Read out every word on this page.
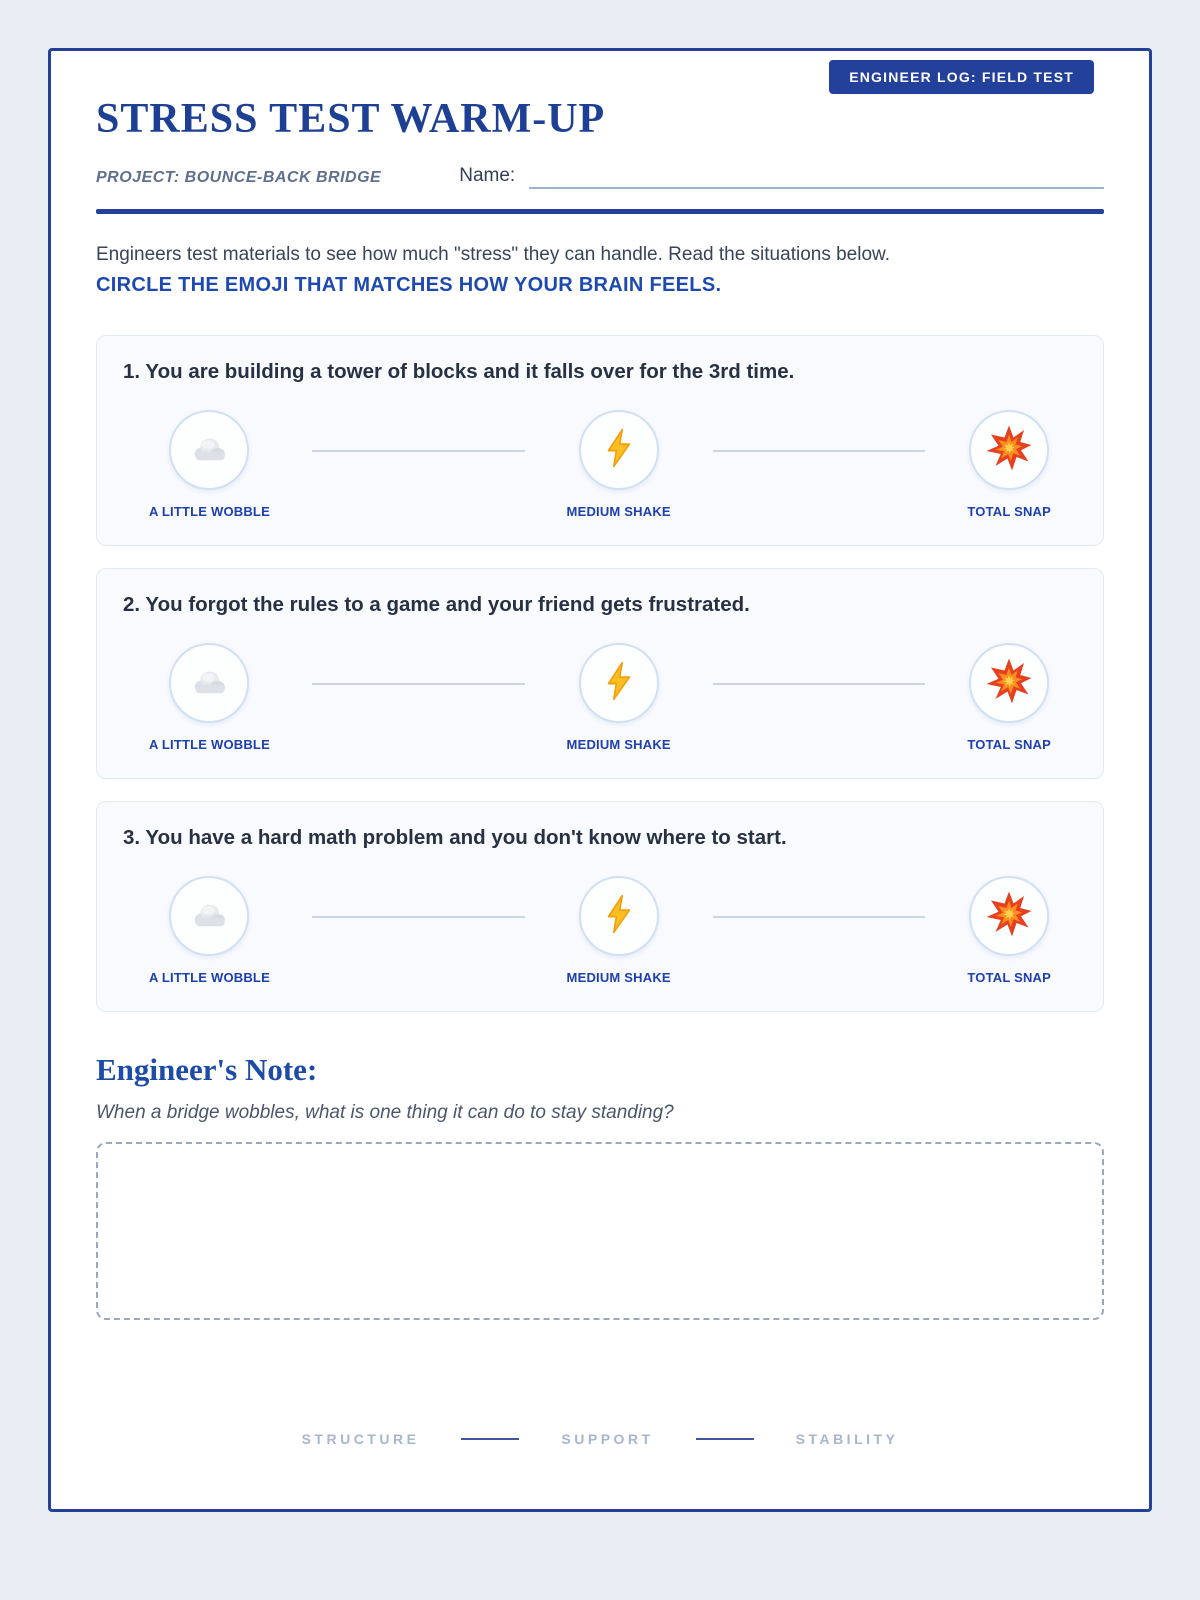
ENGINEER LOG: FIELD TEST
STRESS TEST WARM-UP
PROJECT: BOUNCE-BACK BRIDGE	Name:

Engineers test materials to see how much "stress" they can handle. Read the situations below.

CIRCLE THE EMOJI THAT MATCHES HOW YOUR BRAIN FEELS.

1. You are building a tower of blocks and it falls over for the 3rd time.
A LITTLE WOBBLE	MEDIUM SHAKE	TOTAL SNAP
2. You forgot the rules to a game and your friend gets frustrated.
A LITTLE WOBBLE	MEDIUM SHAKE	TOTAL SNAP
3. You have a hard math problem and you don't know where to start.
A LITTLE WOBBLE	MEDIUM SHAKE	TOTAL SNAP
Engineer's Note:

When a bridge wobbles, what is one thing it can do to stay standing?

STRUCTURE	SUPPORT	STABILITY
